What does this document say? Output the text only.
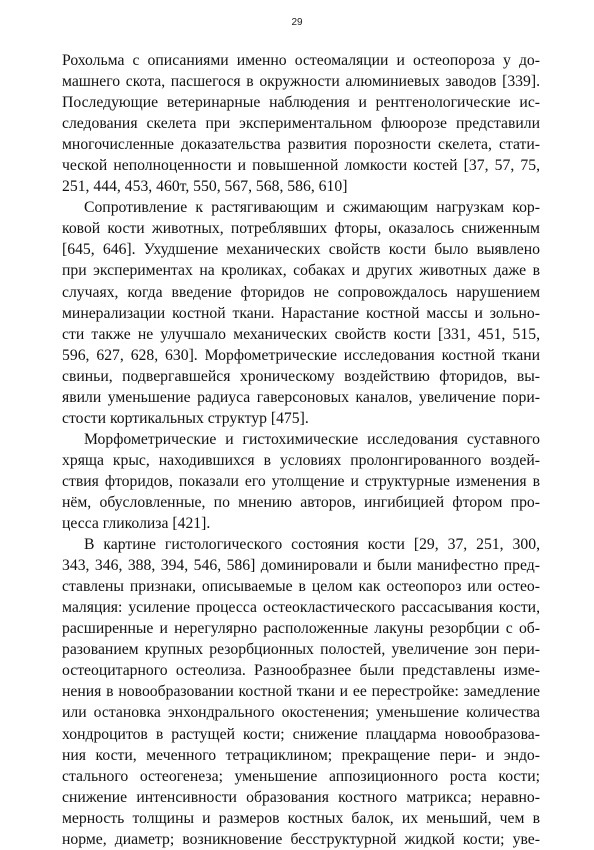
29
Рохольма с описаниями именно остеомаляции и остеопороза у до-
машнего скота, пасшегося в окружности алюминиевых заводов [339].
Последующие ветеринарные наблюдения и рентгенологические ис-
следования скелета при экспериментальном флюорозе представили
многочисленные доказательства развития порозности скелета, стати-
ческой неполноценности и повышенной ломкости костей [37, 57, 75,
251, 444, 453, 460т, 550, 567, 568, 586, 610]
Сопротивление к растягивающим и сжимающим нагрузкам кор-
ковой кости животных, потреблявших фторы, оказалось сниженным
[645, 646]. Ухудшение механических свойств кости было выявлено
при экспериментах на кроликах, собаках и других животных даже в
случаях, когда введение фторидов не сопровождалось нарушением
минерализации костной ткани. Нарастание костной массы и зольно-
сти также не улучшало механических свойств кости [331, 451, 515,
596, 627, 628, 630]. Морфометрические исследования костной ткани
свиньи, подвергавшейся хроническому воздействию фторидов, вы-
явили уменьшение радиуса гаверсоновых каналов, увеличение пори-
стости кортикальных структур [475].
Морфометрические и гистохимические исследования суставного
хряща крыс, находившихся в условиях пролонгированного воздей-
ствия фторидов, показали его утолщение и структурные изменения в
нём, обусловленные, по мнению авторов, ингибицией фтором про-
цесса гликолиза [421].
В картине гистологического состояния кости [29, 37, 251, 300,
343, 346, 388, 394, 546, 586] доминировали и были манифестно пред-
ставлены признаки, описываемые в целом как остеопороз или остео-
маляция: усиление процесса остеокластического рассасывания кости,
расширенные и нерегулярно расположенные лакуны резорбции с об-
разованием крупных резорбционных полостей, увеличение зон пери-
остеоцитарного остеолиза. Разнообразнее были представлены изме-
нения в новообразовании костной ткани и ее перестройке: замедление
или остановка энхондрального окостенения; уменьшение количества
хондроцитов в растущей кости; снижение плацдарма новообразова-
ния кости, меченного тетрациклином; прекращение пери- и эндо-
стального остеогенеза; уменьшение аппозиционного роста кости;
снижение интенсивности образования костного матрикса; неравно-
мерность толщины и размеров костных балок, их меньший, чем в
норме, диаметр; возникновение бесструктурной жидкой кости; уве-
